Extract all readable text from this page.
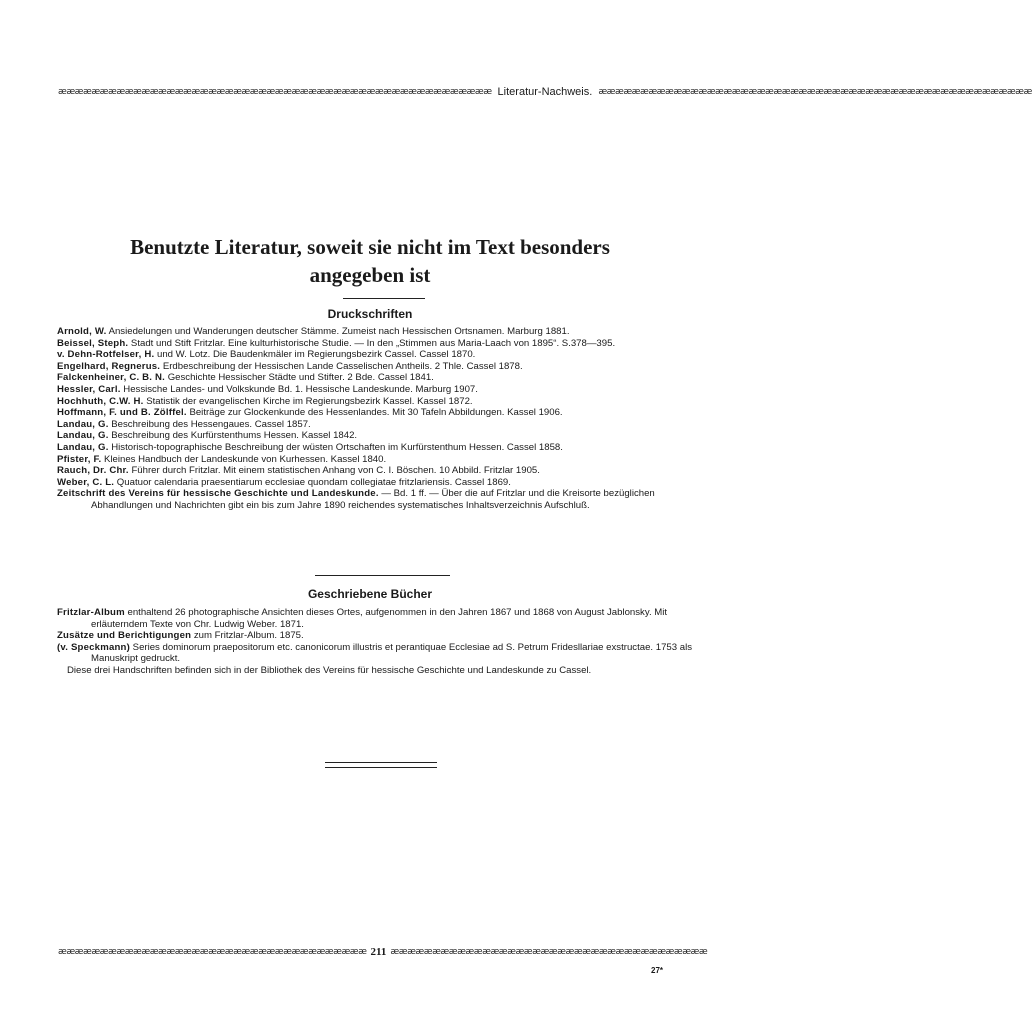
ææææææææææææææææææææææææææææææææææææææææææææææææææææ Literatur-Nachweis. ææææææææææææææææææææææææææææææææææææææææææææææææææææ
Benutzte Literatur, soweit sie nicht im Text besonders
angegeben ist
Druckschriften
Arnold, W. Ansiedelungen und Wanderungen deutscher Stämme. Zumeist nach Hessischen Ortsnamen. Marburg 1881.
Beissel, Steph. Stadt und Stift Fritzlar. Eine kulturhistorische Studie. — In den „Stimmen aus Maria-Laach von 1895“. S.378—395.
v. Dehn-Rotfelser, H. und W. Lotz. Die Baudenkmäler im Regierungsbezirk Cassel. Cassel 1870.
Engelhard, Regnerus. Erdbeschreibung der Hessischen Lande Casselischen Antheils. 2 Thle. Cassel 1878.
Falckenheiner, C. B. N. Geschichte Hessischer Städte und Stifter. 2 Bde. Cassel 1841.
Hessler, Carl. Hessische Landes- und Volkskunde Bd. 1. Hessische Landeskunde. Marburg 1907.
Hochhuth, C.W. H. Statistik der evangelischen Kirche im Regierungsbezirk Kassel. Kassel 1872.
Hoffmann, F. und B. Zölffel. Beiträge zur Glockenkunde des Hessenlandes. Mit 30 Tafeln Abbildungen. Kassel 1906.
Landau, G. Beschreibung des Hessengaues. Cassel 1857.
Landau, G. Beschreibung des Kurfürstenthums Hessen. Kassel 1842.
Landau, G. Historisch-topographische Beschreibung der wüsten Ortschaften im Kurfürstenthum Hessen. Cassel 1858.
Pfister, F. Kleines Handbuch der Landeskunde von Kurhessen. Kassel 1840.
Rauch, Dr. Chr. Führer durch Fritzlar. Mit einem statistischen Anhang von C. I. Böschen. 10 Abbild. Fritzlar 1905.
Weber, C. L. Quatuor calendaria praesentiarum ecclesiae quondam collegiatae fritzlariensis. Cassel 1869.
Zeitschrift des Vereins für hessische Geschichte und Landeskunde. — Bd. 1 ff. — Über die auf Fritzlar und die Kreisorte bezüglichen Abhandlungen und Nachrichten gibt ein bis zum Jahre 1890 reichendes systematisches Inhaltsverzeichnis Aufschluß.
Geschriebene Bücher
Fritzlar-Album enthaltend 26 photographische Ansichten dieses Ortes, aufgenommen in den Jahren 1867 und 1868 von August Jablonsky. Mit erläuterndem Texte von Chr. Ludwig Weber. 1871.
Zusätze und Berichtigungen zum Fritzlar-Album. 1875.
(v. Speckmann) Series dominorum praepositorum etc. canonicorum illustris et perantiquae Ecclesiae ad S. Petrum Fridesllariae exstructae. 1753 als Manuskript gedruckt.
Diese drei Handschriften befinden sich in der Bibliothek des Vereins für hessische Geschichte und Landeskunde zu Cassel.
æææææææææææææææææææææææææææææææææææææ 211 ææææææææææææææææææææææææææææææææææææææ
27*
